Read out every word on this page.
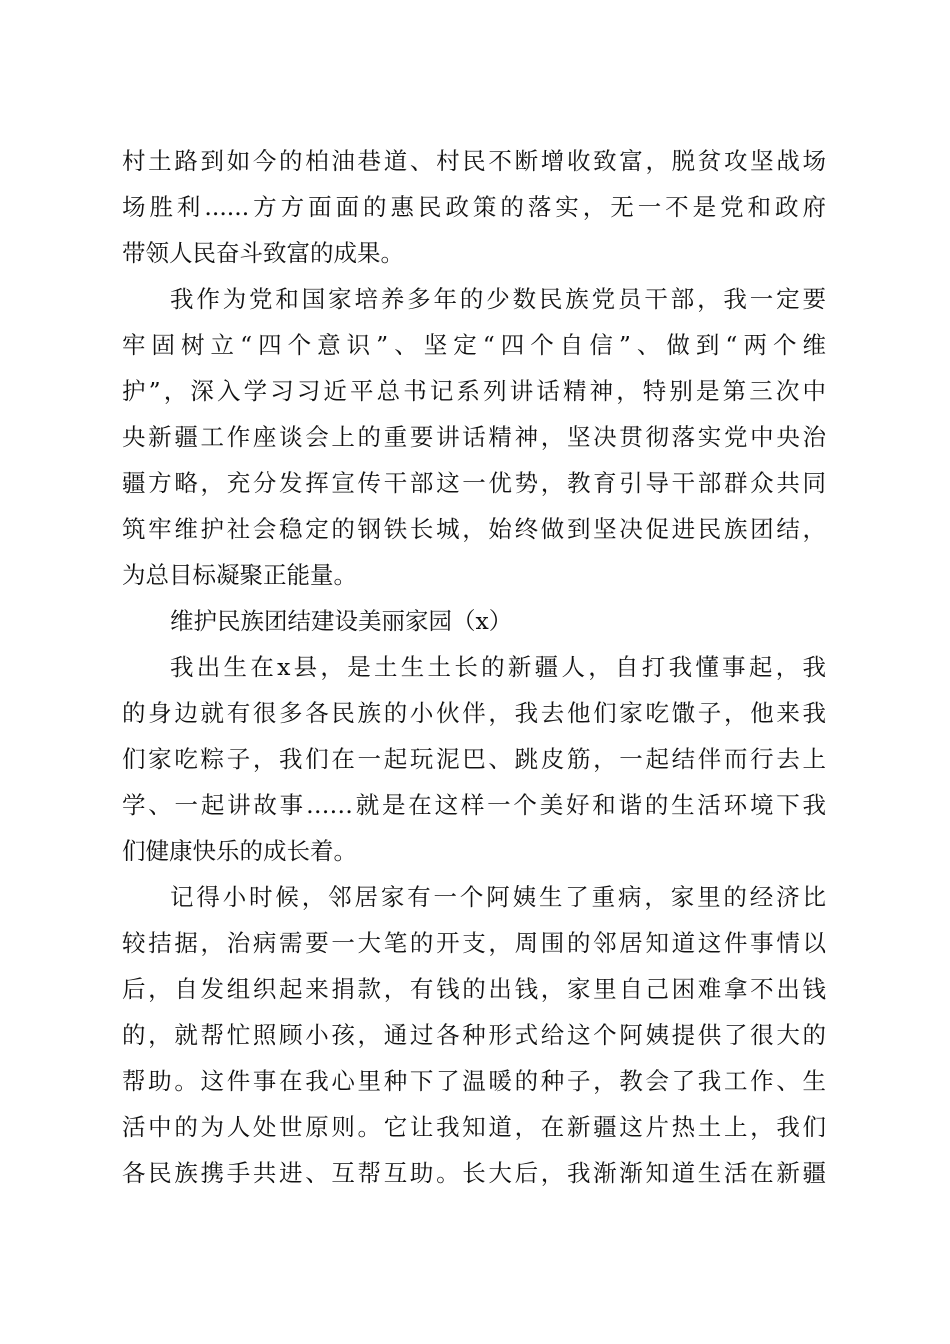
村土路到如今的柏油巷道、村民不断增收致富，脱贫攻坚战场
场胜利......方方面面的惠民政策的落实，无一不是党和政府
带领人民奋斗致富的成果。
我作为党和国家培养多年的少数民族党员干部，我一定要
牢固树立“四个意识”、坚定“四个自信”、做到“两个维
护”，深入学习习近平总书记系列讲话精神，特别是第三次中
央新疆工作座谈会上的重要讲话精神，坚决贯彻落实党中央治
疆方略，充分发挥宣传干部这一优势，教育引导干部群众共同
筑牢维护社会稳定的钢铁长城，始终做到坚决促进民族团结，
为总目标凝聚正能量。
维护民族团结建设美丽家园（x）
我出生在x县，是土生土长的新疆人，自打我懂事起，我
的身边就有很多各民族的小伙伴，我去他们家吃馓子，他来我
们家吃粽子，我们在一起玩泥巴、跳皮筋，一起结伴而行去上
学、一起讲故事……就是在这样一个美好和谐的生活环境下我
们健康快乐的成长着。
记得小时候，邻居家有一个阿姨生了重病，家里的经济比
较拮据，治病需要一大笔的开支，周围的邻居知道这件事情以
后，自发组织起来捐款，有钱的出钱，家里自己困难拿不出钱
的，就帮忙照顾小孩，通过各种形式给这个阿姨提供了很大的
帮助。这件事在我心里种下了温暖的种子，教会了我工作、生
活中的为人处世原则。它让我知道，在新疆这片热土上，我们
各民族携手共进、互帮互助。长大后，我渐渐知道生活在新疆
